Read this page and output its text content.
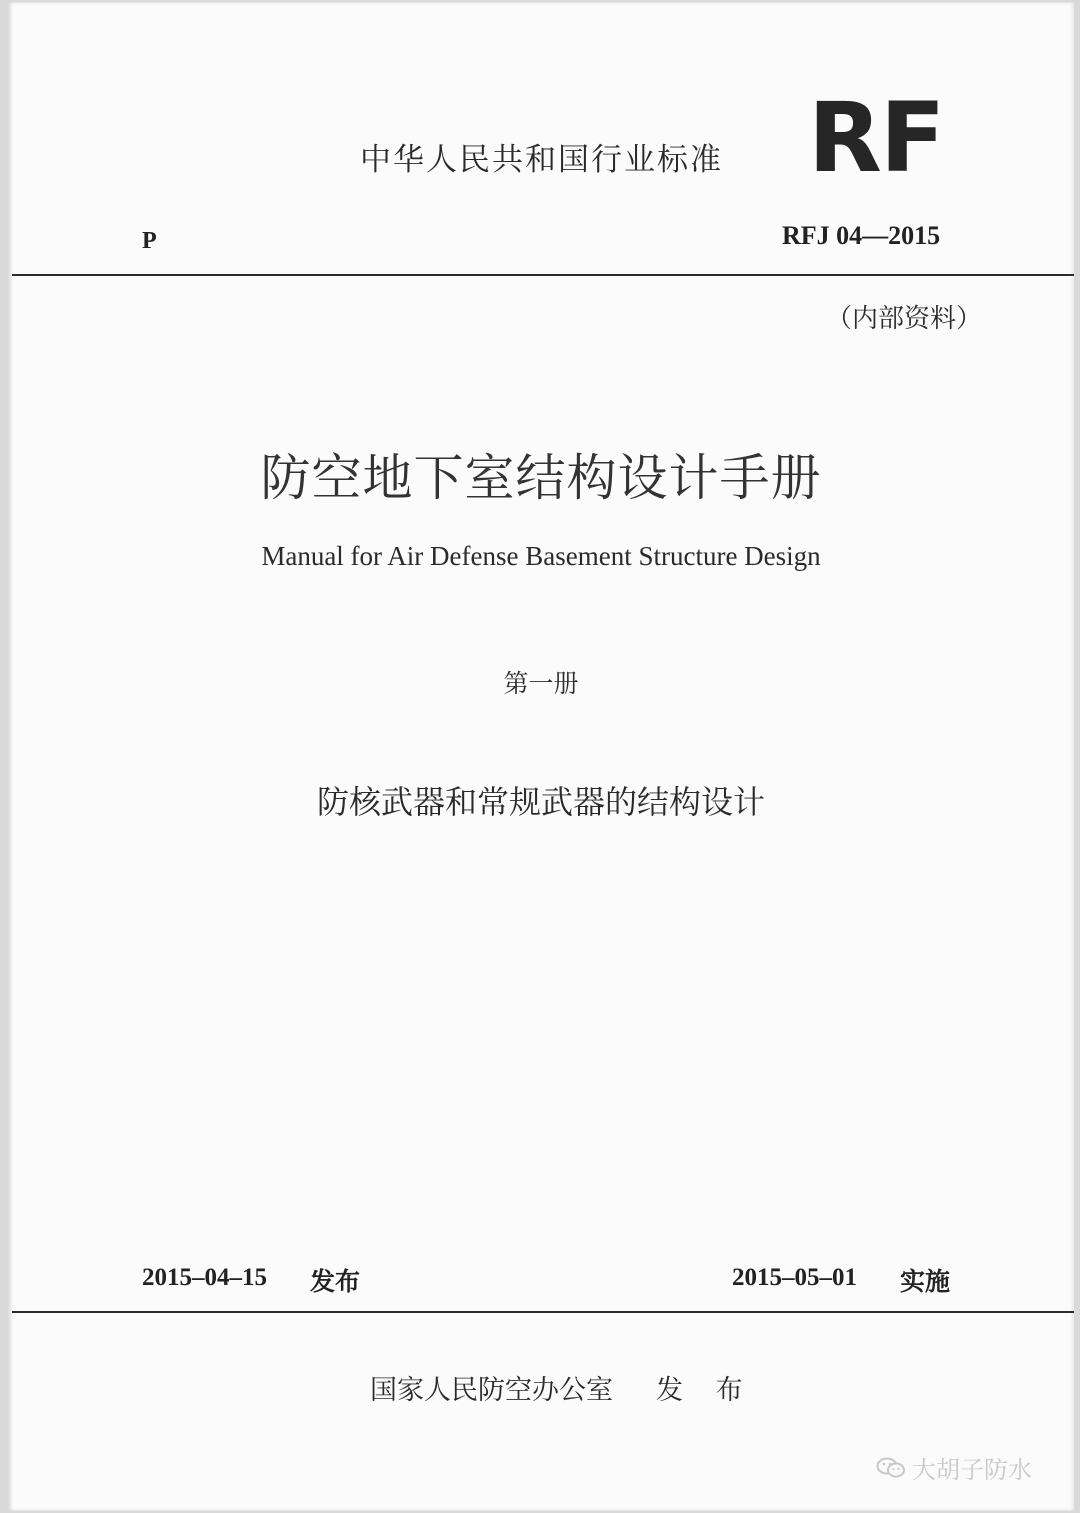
中华人民共和国行业标准 RF
P	RFJ 04—2015
（内部资料）
防空地下室结构设计手册
Manual for Air Defense Basement Structure Design
第一册
防核武器和常规武器的结构设计
2015–04–15 发布	2015–05–01 实施
国家人民防空办公室 发 布
大胡子防水
